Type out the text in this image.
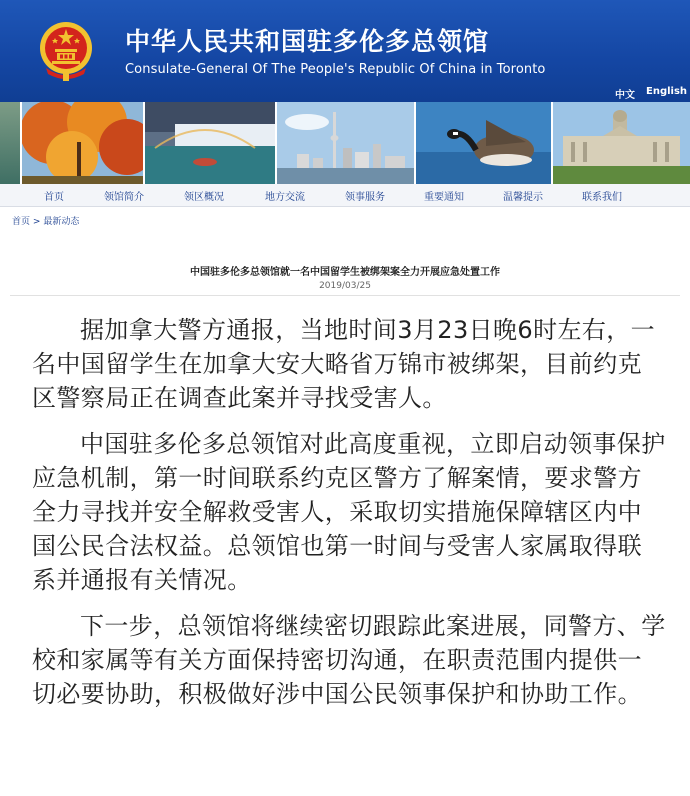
中华人民共和国驻多伦多总领馆
Consulate-General Of The People's Republic Of China in Toronto
中文 English
首页	领馆简介	领区概况	地方交流	领事服务	重要通知	温馨提示	联系我们
首页 > 最新动态
中国驻多伦多总领馆就一名中国留学生被绑架案全力开展应急处置工作
2019/03/25

据加拿大警方通报，当地时间3月23日晚6时左右，一名中国留学生在加拿大安大略省万锦市被绑架，目前约克区警察局正在调查此案并寻找受害人。

中国驻多伦多总领馆对此高度重视，立即启动领事保护应急机制，第一时间联系约克区警方了解案情，要求警方全力寻找并安全解救受害人，采取切实措施保障辖区内中国公民合法权益。总领馆也第一时间与受害人家属取得联系并通报有关情况。

下一步，总领馆将继续密切跟踪此案进展，同警方、学校和家属等有关方面保持密切沟通，在职责范围内提供一切必要协助，积极做好涉中国公民领事保护和协助工作。
